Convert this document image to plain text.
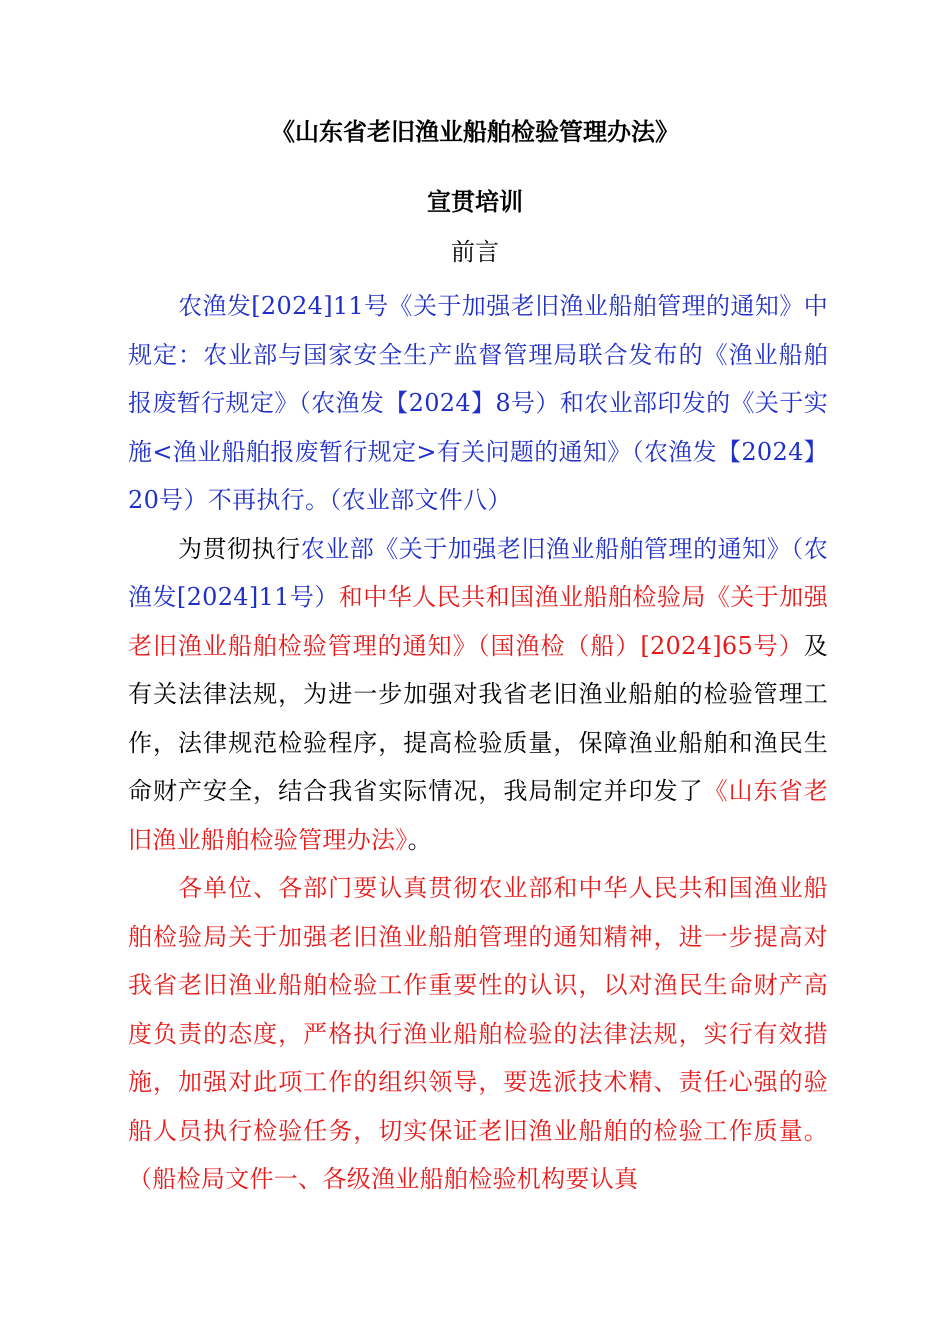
《山东省老旧渔业船舶检验管理办法》
宣贯培训
前言

农渔发[2024]11号《关于加强老旧渔业船舶管理的通知》中规定：农业部与国家安全生产监督管理局联合发布的《渔业船舶报废暂行规定》（农渔发【2024】8号）和农业部印发的《关于实施<渔业船舶报废暂行规定>有关问题的通知》（农渔发【2024】20号）不再执行。（农业部文件八）

为贯彻执行农业部《关于加强老旧渔业船舶管理的通知》（农渔发[2024]11号）和中华人民共和国渔业船舶检验局《关于加强老旧渔业船舶检验管理的通知》（国渔检（船）[2024]65号）及有关法律法规，为进一步加强对我省老旧渔业船舶的检验管理工作，法律规范检验程序，提高检验质量，保障渔业船舶和渔民生命财产安全，结合我省实际情况，我局制定并印发了《山东省老旧渔业船舶检验管理办法》。

各单位、各部门要认真贯彻农业部和中华人民共和国渔业船舶检验局关于加强老旧渔业船舶管理的通知精神，进一步提高对我省老旧渔业船舶检验工作重要性的认识，以对渔民生命财产高度负责的态度，严格执行渔业船舶检验的法律法规，实行有效措施，加强对此项工作的组织领导，要选派技术精、责任心强的验船人员执行检验任务，切实保证老旧渔业船舶的检验工作质量。（船检局文件一、各级渔业船舶检验机构要认真
